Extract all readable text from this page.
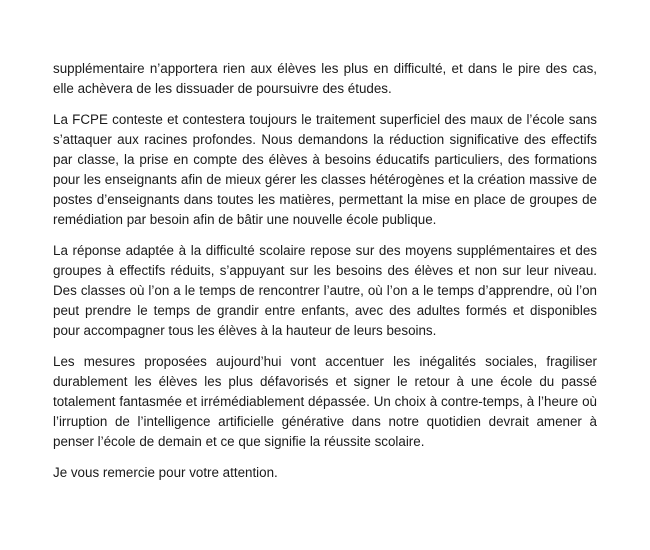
supplémentaire n’apportera rien aux élèves les plus en difficulté, et dans le pire des cas, elle achèvera de les dissuader de poursuivre des études.

La FCPE conteste et contestera toujours le traitement superficiel des maux de l’école sans s’attaquer aux racines profondes. Nous demandons la réduction significative des effectifs par classe, la prise en compte des élèves à besoins éducatifs particuliers, des formations pour les enseignants afin de mieux gérer les classes hétérogènes et la création massive de postes d’enseignants dans toutes les matières, permettant la mise en place de groupes de remédiation par besoin afin de bâtir une nouvelle école publique.

La réponse adaptée à la difficulté scolaire repose sur des moyens supplémentaires et des groupes à effectifs réduits, s’appuyant sur les besoins des élèves et non sur leur niveau. Des classes où l’on a le temps de rencontrer l’autre, où l’on a le temps d’apprendre, où l’on peut prendre le temps de grandir entre enfants, avec des adultes formés et disponibles pour accompagner tous les élèves à la hauteur de leurs besoins.

Les mesures proposées aujourd’hui vont accentuer les inégalités sociales, fragiliser durablement les élèves les plus défavorisés et signer le retour à une école du passé totalement fantasmée et irrémédiablement dépassée. Un choix à contre-temps, à l’heure où l’irruption de l’intelligence artificielle générative dans notre quotidien devrait amener à penser l’école de demain et ce que signifie la réussite scolaire.

Je vous remercie pour votre attention.
